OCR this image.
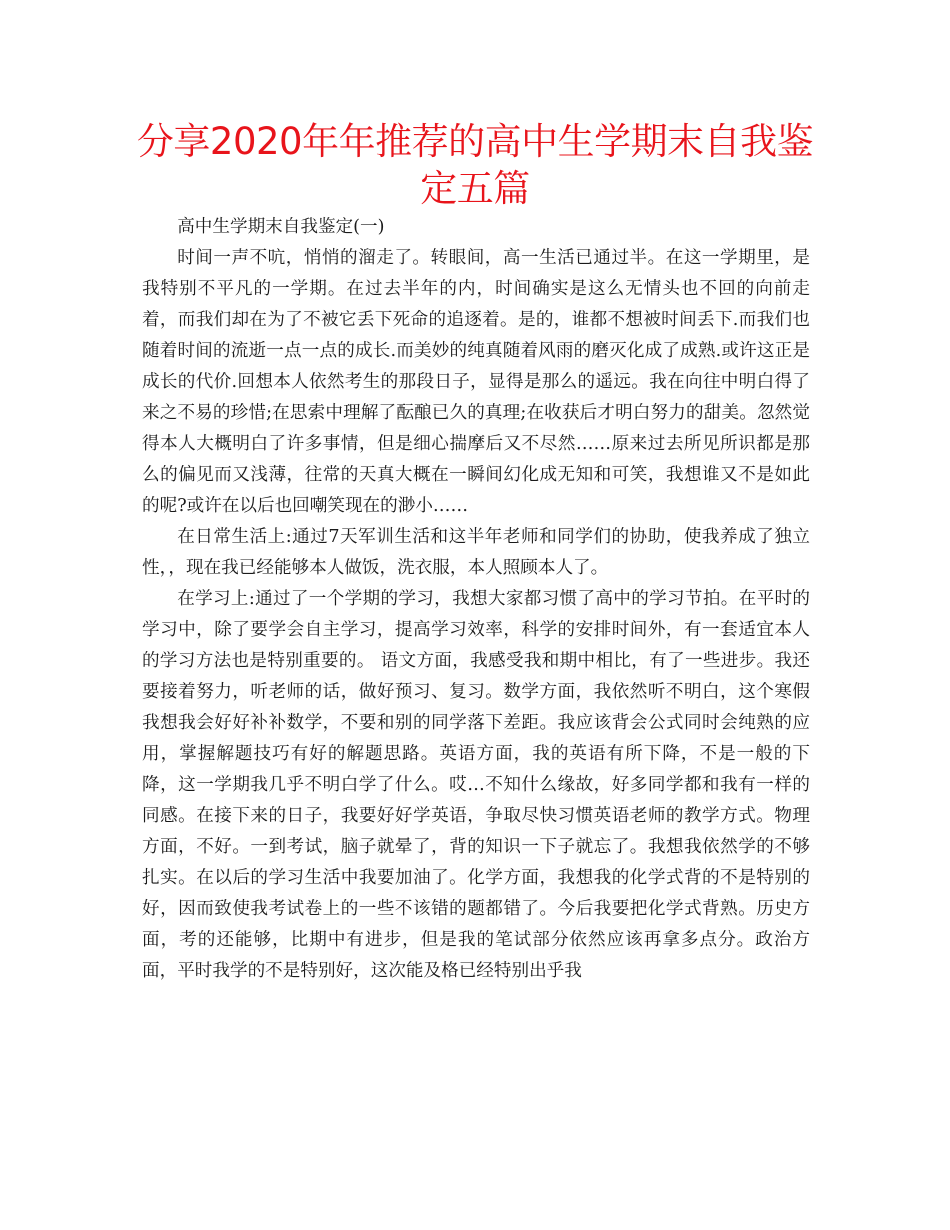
分享2020年年推荐的高中生学期末自我鉴定五篇

高中生学期末自我鉴定(一)

时间一声不吭，悄悄的溜走了。转眼间，高一生活已通过半。在这一学期里，是我特别不平凡的一学期。在过去半年的内，时间确实是这么无情头也不回的向前走着，而我们却在为了不被它丢下死命的追逐着。是的，谁都不想被时间丢下.而我们也随着时间的流逝一点一点的成长.而美妙的纯真随着风雨的磨灭化成了成熟.或许这正是成长的代价.回想本人依然考生的那段日子，显得是那么的遥远。我在向往中明白得了来之不易的珍惜;在思索中理解了酝酿已久的真理;在收获后才明白努力的甜美。忽然觉得本人大概明白了许多事情，但是细心揣摩后又不尽然……原来过去所见所识都是那么的偏见而又浅薄，往常的天真大概在一瞬间幻化成无知和可笑，我想谁又不是如此的呢?或许在以后也回嘲笑现在的渺小……

在日常生活上:通过7天军训生活和这半年老师和同学们的协助，使我养成了独立性，，现在我已经能够本人做饭，洗衣服，本人照顾本人了。

在学习上:通过了一个学期的学习，我想大家都习惯了高中的学习节拍。在平时的学习中，除了要学会自主学习，提高学习效率，科学的安排时间外，有一套适宜本人的学习方法也是特别重要的。 语文方面，我感受我和期中相比，有了一些进步。我还要接着努力，听老师的话，做好预习、复习。数学方面，我依然听不明白，这个寒假我想我会好好补补数学，不要和别的同学落下差距。我应该背会公式同时会纯熟的应用，掌握解题技巧有好的解题思路。英语方面，我的英语有所下降，不是一般的下降，这一学期我几乎不明白学了什么。哎…不知什么缘故，好多同学都和我有一样的同感。在接下来的日子，我要好好学英语，争取尽快习惯英语老师的教学方式。物理方面，不好。一到考试，脑子就晕了，背的知识一下子就忘了。我想我依然学的不够扎实。在以后的学习生活中我要加油了。化学方面，我想我的化学式背的不是特别的好，因而致使我考试卷上的一些不该错的题都错了。今后我要把化学式背熟。历史方面，考的还能够，比期中有进步，但是我的笔试部分依然应该再拿多点分。政治方面，平时我学的不是特别好，这次能及格已经特别出乎我
